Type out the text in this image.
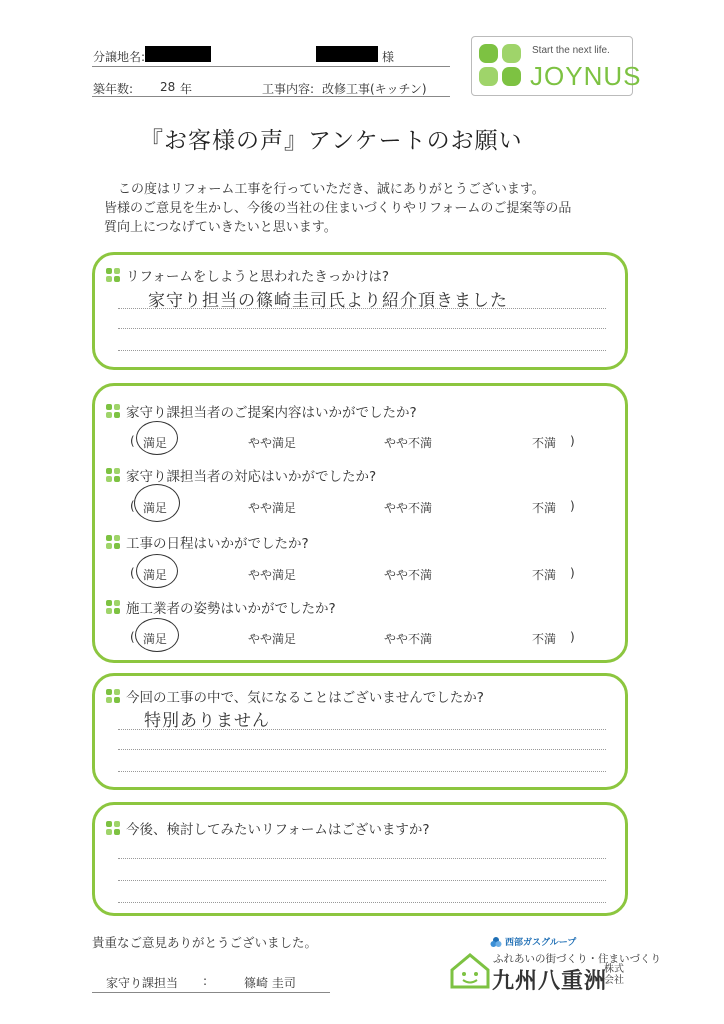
分譲地名:	様
築年数: 28 年	工事内容: 改修工事(キッチン)
Start the next life.
JOYNUS
『お客様の声』アンケートのお願い
この度はリフォーム工事を行っていただき、誠にありがとうございます。
皆様のご意見を生かし、今後の当社の住まいづくりやリフォームのご提案等の品
質向上につなげていきたいと思います。
リフォームをしようと思われたきっかけは?
家守り担当の篠崎圭司氏より紹介頂きました
家守り課担当者のご提案内容はいかがでしたか?
( 満足	やや満足	やや不満	不満 )
家守り課担当者の対応はいかがでしたか?
( 満足	やや満足	やや不満	不満 )
工事の日程はいかがでしたか?
( 満足	やや満足	やや不満	不満 )
施工業者の姿勢はいかがでしたか?
( 満足	やや満足	やや不満	不満 )
今回の工事の中で、気になることはございませんでしたか?
特別ありません
今後、検討してみたいリフォームはございますか?
貴重なご意見ありがとうございました。
家守り課担当 :	篠崎 圭司
西部ガスグループ
ふれあいの街づくり・住まいづくり
九州八重洲
株式
会社
